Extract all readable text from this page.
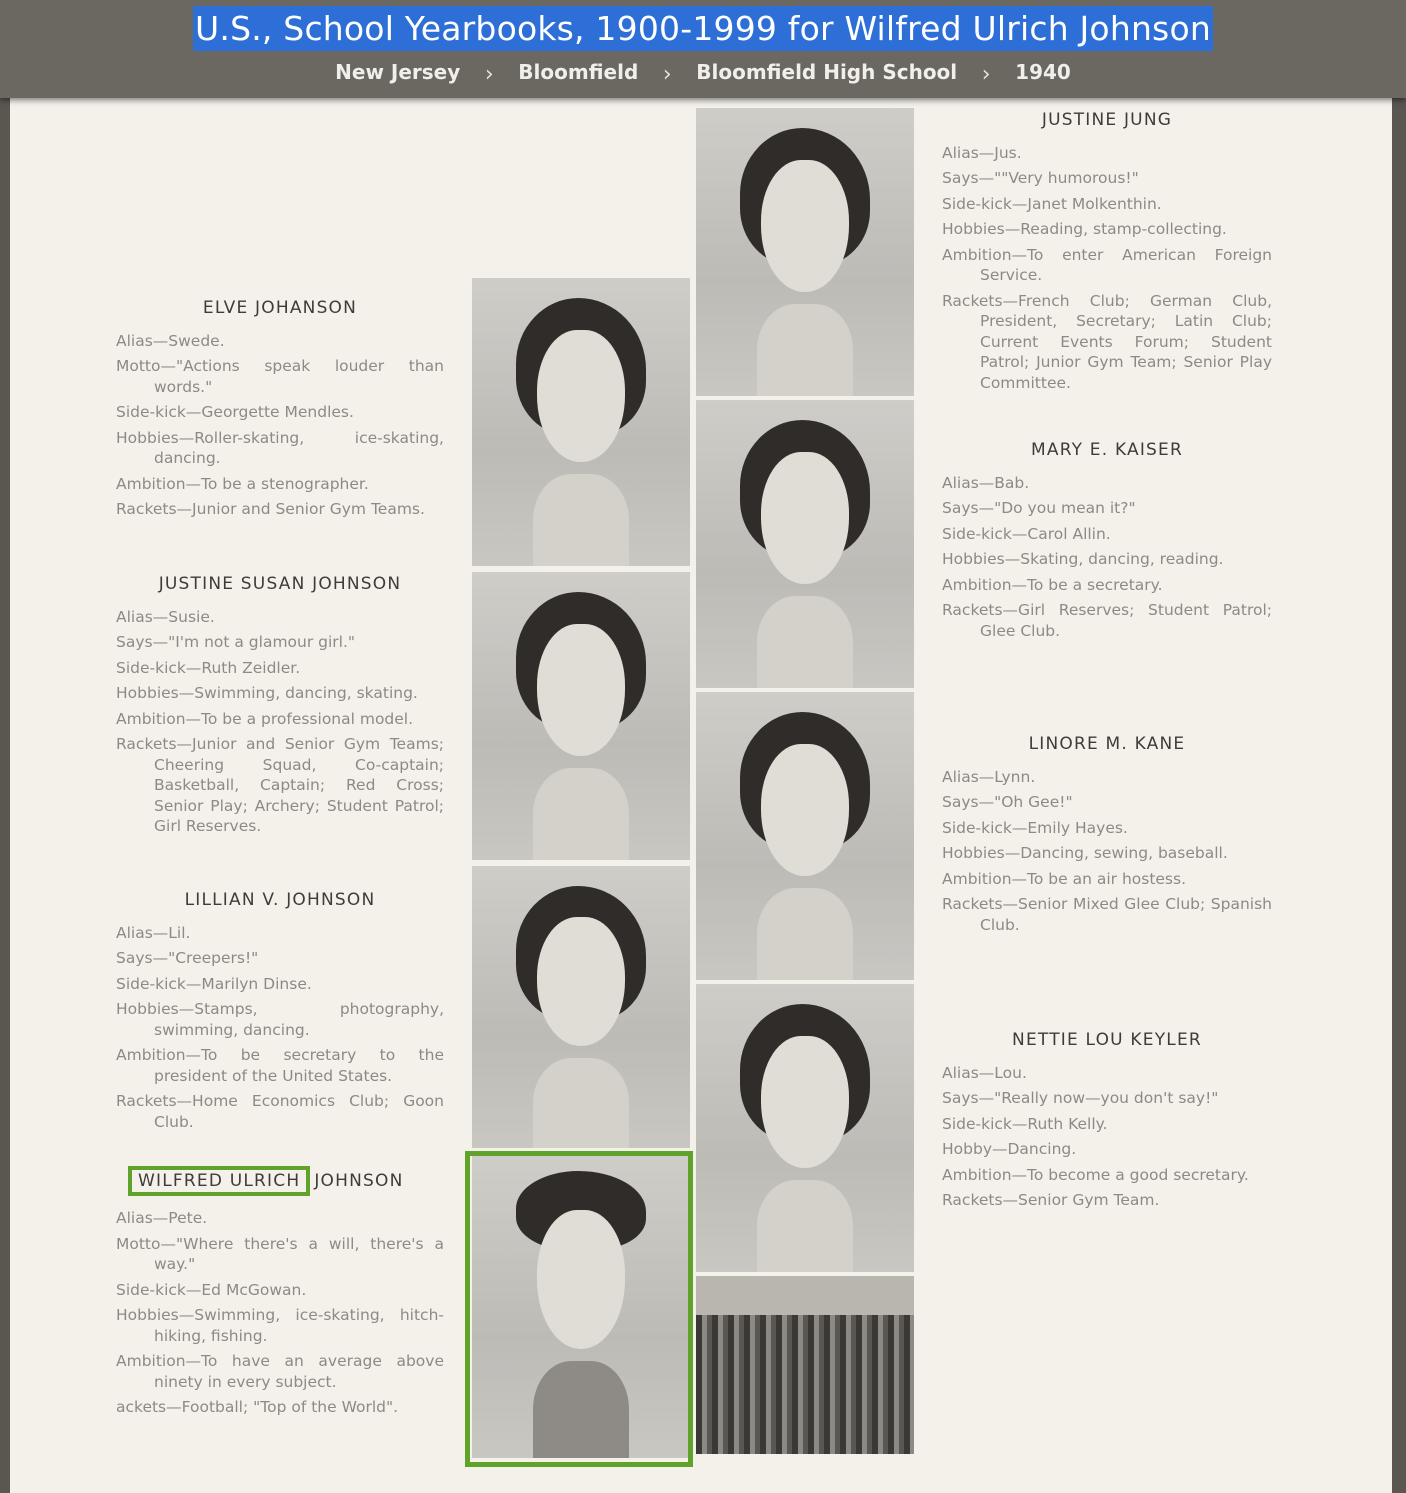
U.S., School Yearbooks, 1900-1999 for Wilfred Ulrich Johnson
New Jersey › Bloomfield › Bloomfield High School › 1940
ELVE JOHANSON
Alias—Swede.
Motto—"Actions speak louder than words."
Side-kick—Georgette Mendles.
Hobbies—Roller-skating, ice-skating, dancing.
Ambition—To be a stenographer.
Rackets—Junior and Senior Gym Teams.
JUSTINE SUSAN JOHNSON
Alias—Susie.
Says—"I'm not a glamour girl."
Side-kick—Ruth Zeidler.
Hobbies—Swimming, dancing, skating.
Ambition—To be a professional model.
Rackets—Junior and Senior Gym Teams; Cheering Squad, Co-captain; Basketball, Captain; Red Cross; Senior Play; Archery; Student Patrol; Girl Reserves.
LILLIAN V. JOHNSON
Alias—Lil.
Says—"Creepers!"
Side-kick—Marilyn Dinse.
Hobbies—Stamps, photography, swimming, dancing.
Ambition—To be secretary to the president of the United States.
Rackets—Home Economics Club; Goon Club.
WILFRED ULRICH JOHNSON
Alias—Pete.
Motto—"Where there's a will, there's a way."
Side-kick—Ed McGowan.
Hobbies—Swimming, ice-skating, hitch-hiking, fishing.
Ambition—To have an average above ninety in every subject.
ackets—Football; "Top of the World".
JUSTINE JUNG
Alias—Jus.
Says—""Very humorous!"
Side-kick—Janet Molkenthin.
Hobbies—Reading, stamp-collecting.
Ambition—To enter American Foreign Service.
Rackets—French Club; German Club, President, Secretary; Latin Club; Current Events Forum; Student Patrol; Junior Gym Team; Senior Play Committee.
MARY E. KAISER
Alias—Bab.
Says—"Do you mean it?"
Side-kick—Carol Allin.
Hobbies—Skating, dancing, reading.
Ambition—To be a secretary.
Rackets—Girl Reserves; Student Patrol; Glee Club.
LINORE M. KANE
Alias—Lynn.
Says—"Oh Gee!"
Side-kick—Emily Hayes.
Hobbies—Dancing, sewing, baseball.
Ambition—To be an air hostess.
Rackets—Senior Mixed Glee Club; Spanish Club.
NETTIE LOU KEYLER
Alias—Lou.
Says—"Really now—you don't say!"
Side-kick—Ruth Kelly.
Hobby—Dancing.
Ambition—To become a good secretary.
Rackets—Senior Gym Team.
